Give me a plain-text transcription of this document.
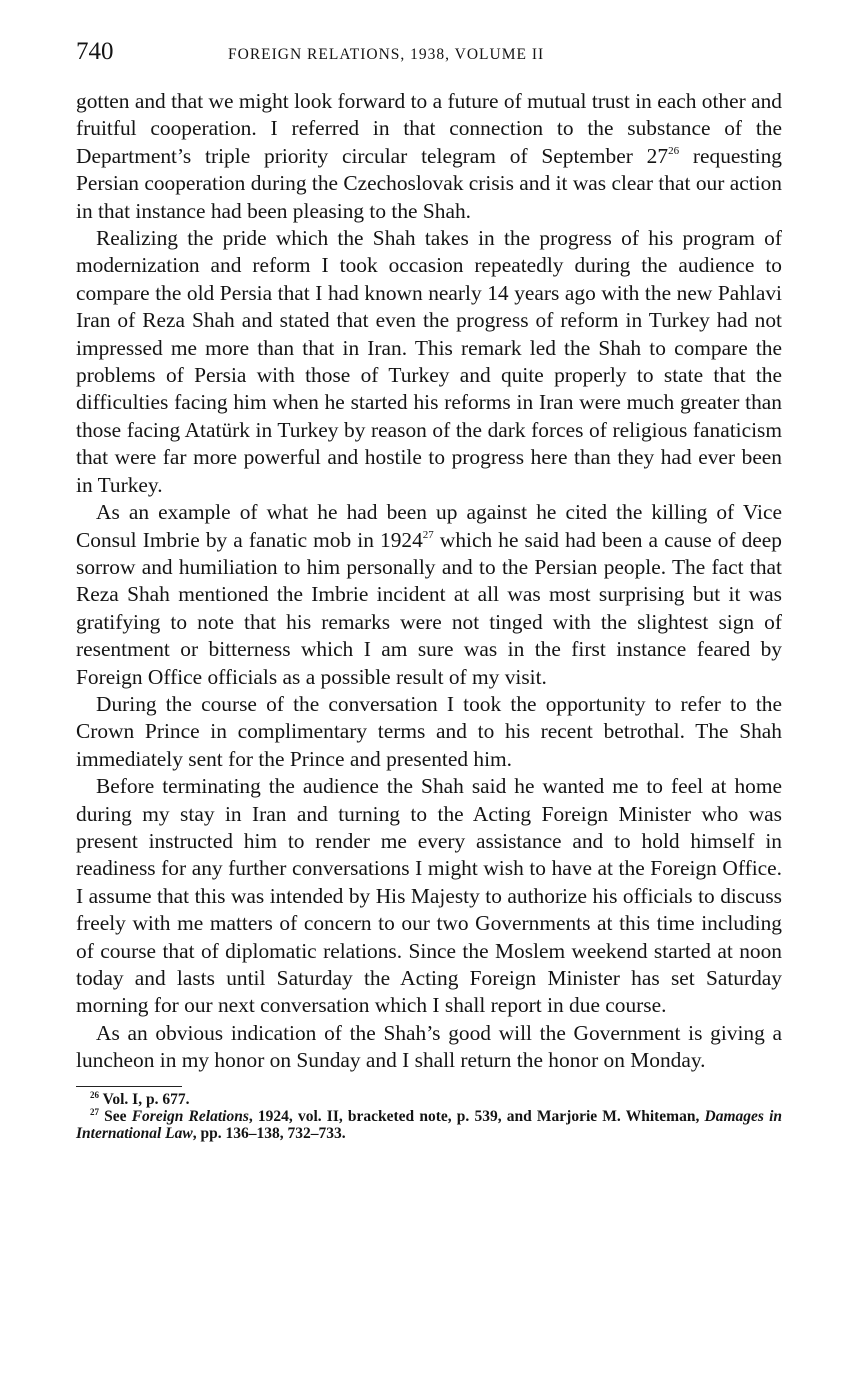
740	FOREIGN RELATIONS, 1938, VOLUME II

gotten and that we might look forward to a future of mutual trust in each other and fruitful cooperation. I referred in that connection to the substance of the Department’s triple priority circular telegram of September $27^{26}$ requesting Persian cooperation during the Czechoslovak crisis and it was clear that our action in that instance had been pleasing to the Shah.

Realizing the pride which the Shah takes in the progress of his program of modernization and reform I took occasion repeatedly during the audience to compare the old Persia that I had known nearly 14 years ago with the new Pahlavi Iran of Reza Shah and stated that even the progress of reform in Turkey had not impressed me more than that in Iran. This remark led the Shah to compare the problems of Persia with those of Turkey and quite properly to state that the difficulties facing him when he started his reforms in Iran were much greater than those facing Atatürk in Turkey by reason of the dark forces of religious fanaticism that were far more powerful and hostile to progress here than they had ever been in Turkey.

As an example of what he had been up against he cited the killing of Vice Consul Imbrie by a fanatic mob in 1924$^{27}$ which he said had been a cause of deep sorrow and humiliation to him personally and to the Persian people. The fact that Reza Shah mentioned the Imbrie incident at all was most surprising but it was gratifying to note that his remarks were not tinged with the slightest sign of resentment or bitterness which I am sure was in the first instance feared by Foreign Office officials as a possible result of my visit.

During the course of the conversation I took the opportunity to refer to the Crown Prince in complimentary terms and to his recent betrothal. The Shah immediately sent for the Prince and presented him.

Before terminating the audience the Shah said he wanted me to feel at home during my stay in Iran and turning to the Acting Foreign Minister who was present instructed him to render me every assistance and to hold himself in readiness for any further conversations I might wish to have at the Foreign Office. I assume that this was intended by His Majesty to authorize his officials to discuss freely with me matters of concern to our two Governments at this time including of course that of diplomatic relations. Since the Moslem weekend started at noon today and lasts until Saturday the Acting Foreign Minister has set Saturday morning for our next conversation which I shall report in due course.

As an obvious indication of the Shah’s good will the Government is giving a luncheon in my honor on Sunday and I shall return the honor on Monday.

$^{26}$ Vol. I, p. 677.

$^{27}$ See Foreign Relations, 1924, vol. II, bracketed note, p. 539, and Marjorie M. Whiteman, Damages in International Law, pp. 136–138, 732–733.
